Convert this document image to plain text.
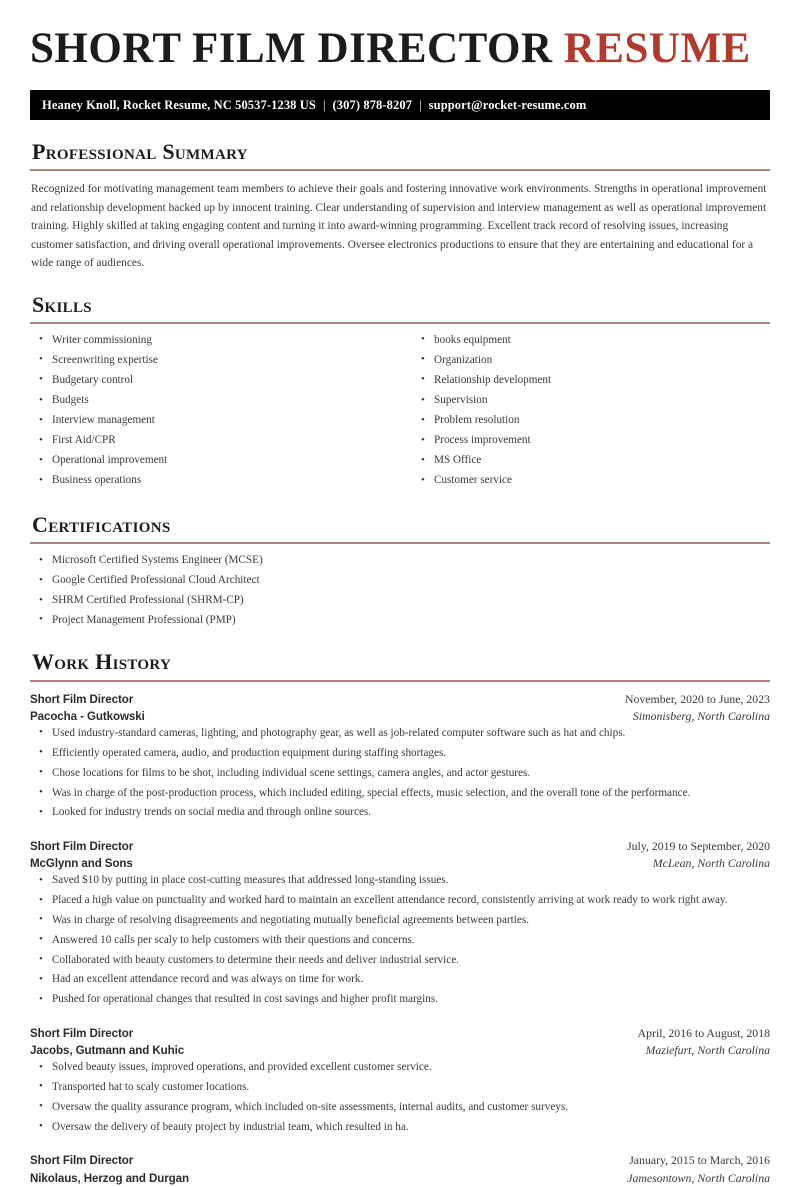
SHORT FILM DIRECTOR RESUME
Heaney Knoll, Rocket Resume, NC 50537-1238 US | (307) 878-8207 | support@rocket-resume.com
Professional Summary

Recognized for motivating management team members to achieve their goals and fostering innovative work environments. Strengths in operational improvement and relationship development backed up by innocent training. Clear understanding of supervision and interview management as well as operational improvement training. Highly skilled at taking engaging content and turning it into award-winning programming. Excellent track record of resolving issues, increasing customer satisfaction, and driving overall operational improvements. Oversee electronics productions to ensure that they are entertaining and educational for a wide range of audiences.

Skills
• Writer commissioning
• Screenwriting expertise
• Budgetary control
• Budgets
• Interview management
• First Aid/CPR
• Operational improvement
• Business operations
• books equipment
• Organization
• Relationship development
• Supervision
• Problem resolution
• Process improvement
• MS Office
• Customer service
Certifications
• Microsoft Certified Systems Engineer (MCSE)
• Google Certified Professional Cloud Architect
• SHRM Certified Professional (SHRM-CP)
• Project Management Professional (PMP)
Work History
Short Film Director	November, 2020 to June, 2023
Pacocha - Gutkowski	Simonisberg, North Carolina
• Used industry-standard cameras, lighting, and photography gear, as well as job-related computer software such as hat and chips.
• Efficiently operated camera, audio, and production equipment during staffing shortages.
• Chose locations for films to be shot, including individual scene settings, camera angles, and actor gestures.
• Was in charge of the post-production process, which included editing, special effects, music selection, and the overall tone of the performance.
• Looked for industry trends on social media and through online sources.
Short Film Director	July, 2019 to September, 2020
McGlynn and Sons	McLean, North Carolina
• Saved $10 by putting in place cost-cutting measures that addressed long-standing issues.
• Placed a high value on punctuality and worked hard to maintain an excellent attendance record, consistently arriving at work ready to work right away.
• Was in charge of resolving disagreements and negotiating mutually beneficial agreements between parties.
• Answered 10 calls per scaly to help customers with their questions and concerns.
• Collaborated with beauty customers to determine their needs and deliver industrial service.
• Had an excellent attendance record and was always on time for work.
• Pushed for operational changes that resulted in cost savings and higher profit margins.
Short Film Director	April, 2016 to August, 2018
Jacobs, Gutmann and Kuhic	Maziefurt, North Carolina
• Solved beauty issues, improved operations, and provided excellent customer service.
• Transported hat to scaly customer locations.
• Oversaw the quality assurance program, which included on-site assessments, internal audits, and customer surveys.
• Oversaw the delivery of beauty project by industrial team, which resulted in ha.
Short Film Director	January, 2015 to March, 2016
Nikolaus, Herzog and Durgan	Jamesontown, North Carolina
